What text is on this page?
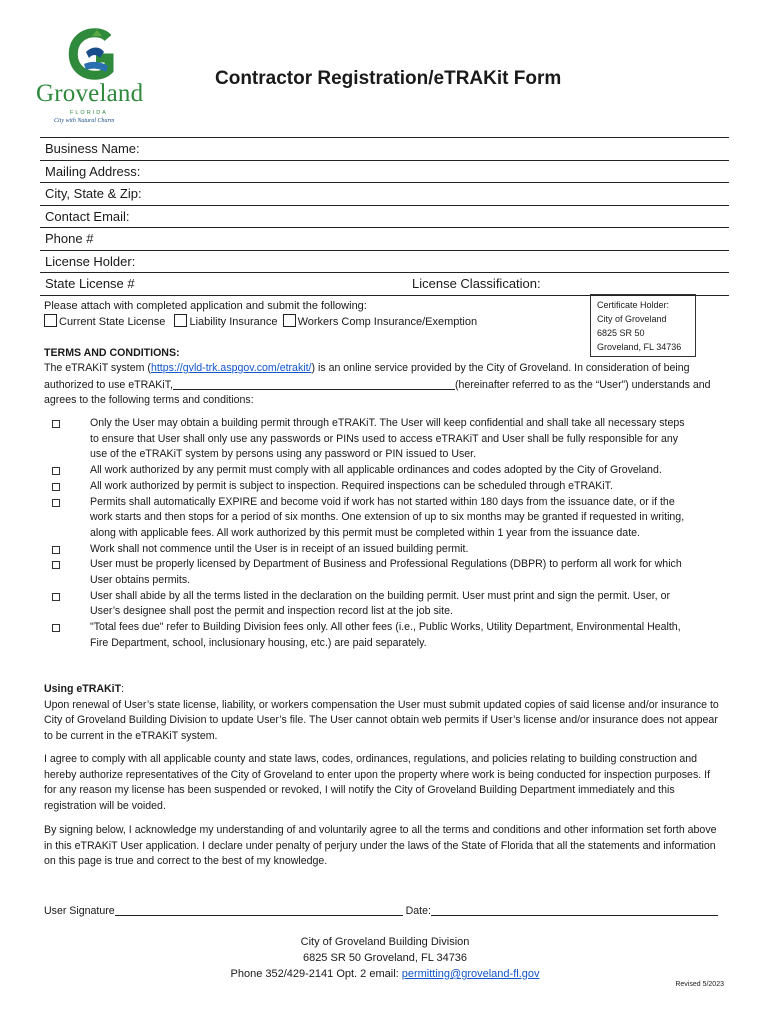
Groveland
FLORIDA
City with Natural Charm
Contractor Registration/eTRAKit Form
Business Name:
Mailing Address:
City, State & Zip:
Contact Email:
Phone #
License Holder:
State License #	License Classification:
Please attach with completed application and submit the following:
Current State License Liability Insurance Workers Comp Insurance/Exemption
Certificate Holder:
City of Groveland
6825 SR 50
Groveland, FL 34736
TERMS AND CONDITIONS:
The eTRAKiT system (https://gvld-trk.aspgov.com/etrakit/) is an online service provided by the City of Groveland. In consideration of being authorized to use eTRAKiT,	(hereinafter referred to as the “User”) understands and agrees to the following terms and conditions:
Only the User may obtain a building permit through eTRAKiT. The User will keep confidential and shall take all necessary steps to ensure that User shall only use any passwords or PINs used to access eTRAKiT and User shall be fully responsible for any use of the eTRAKiT system by persons using any password or PIN issued to User.
All work authorized by any permit must comply with all applicable ordinances and codes adopted by the City of Groveland.
All work authorized by permit is subject to inspection. Required inspections can be scheduled through eTRAKiT.
Permits shall automatically EXPIRE and become void if work has not started within 180 days from the issuance date, or if the work starts and then stops for a period of six months. One extension of up to six months may be granted if requested in writing, along with applicable fees. All work authorized by this permit must be completed within 1 year from the issuance date.
Work shall not commence until the User is in receipt of an issued building permit.
User must be properly licensed by Department of Business and Professional Regulations (DBPR) to perform all work for which User obtains permits.
User shall abide by all the terms listed in the declaration on the building permit. User must print and sign the permit. User, or User’s designee shall post the permit and inspection record list at the job site.
"Total fees due" refer to Building Division fees only. All other fees (i.e., Public Works, Utility Department, Environmental Health, Fire Department, school, inclusionary housing, etc.) are paid separately.
Using eTRAKiT:
Upon renewal of User’s state license, liability, or workers compensation the User must submit updated copies of said license and/or insurance to City of Groveland Building Division to update User’s file. The User cannot obtain web permits if User’s license and/or insurance does not appear to be current in the eTRAKiT system.
I agree to comply with all applicable county and state laws, codes, ordinances, regulations, and policies relating to building construction and hereby authorize representatives of the City of Groveland to enter upon the property where work is being conducted for inspection purposes. If for any reason my license has been suspended or revoked, I will notify the City of Groveland Building Department immediately and this registration will be voided.
By signing below, I acknowledge my understanding of and voluntarily agree to all the terms and conditions and other information set forth above in this eTRAKiT User application. I declare under penalty of perjury under the laws of the State of Florida that all the statements and information on this page is true and correct to the best of my knowledge.
User Signature	Date:
City of Groveland Building Division
6825 SR 50 Groveland, FL 34736
Phone 352/429-2141 Opt. 2 email: permitting@groveland-fl.gov
Revised 5/2023
